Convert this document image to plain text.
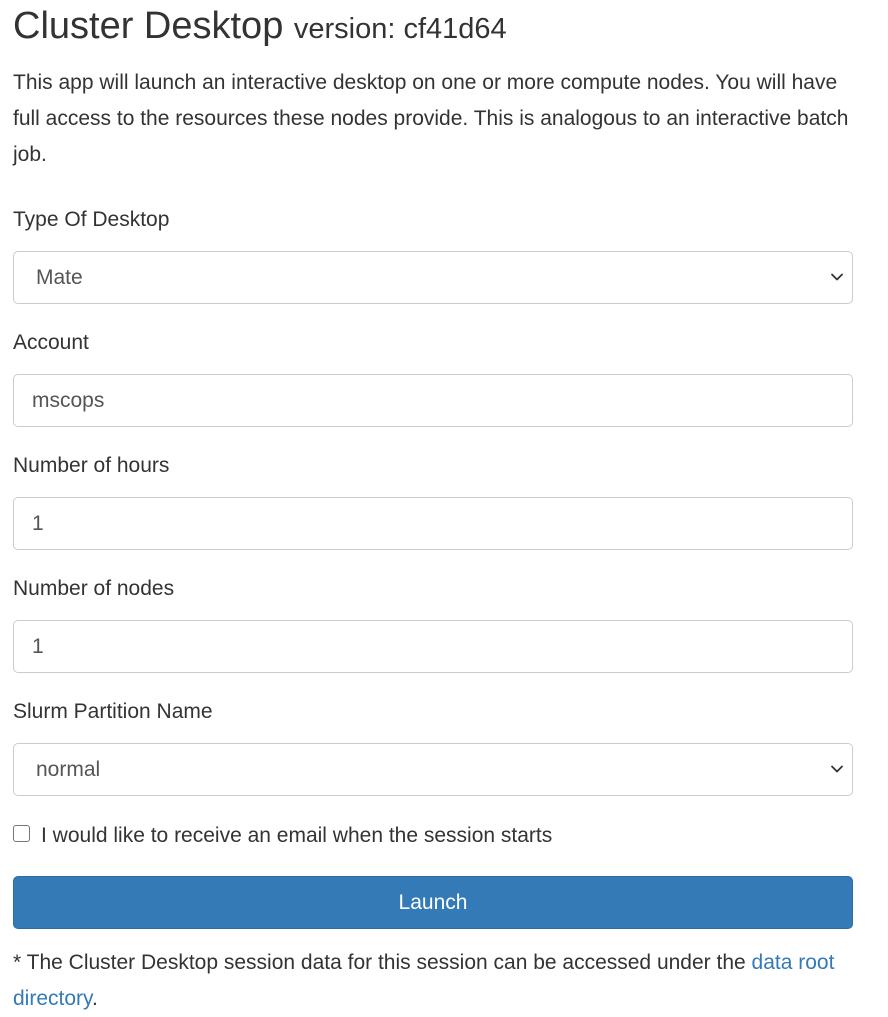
Cluster Desktop version: cf41d64

This app will launch an interactive desktop on one or more compute nodes. You will have full access to the resources these nodes provide. This is analogous to an interactive batch job.

Type Of Desktop
Mate
Account
mscops
Number of hours
1
Number of nodes
1
Slurm Partition Name
normal
I would like to receive an email when the session starts
Launch

* The Cluster Desktop session data for this session can be accessed under the data root directory.
